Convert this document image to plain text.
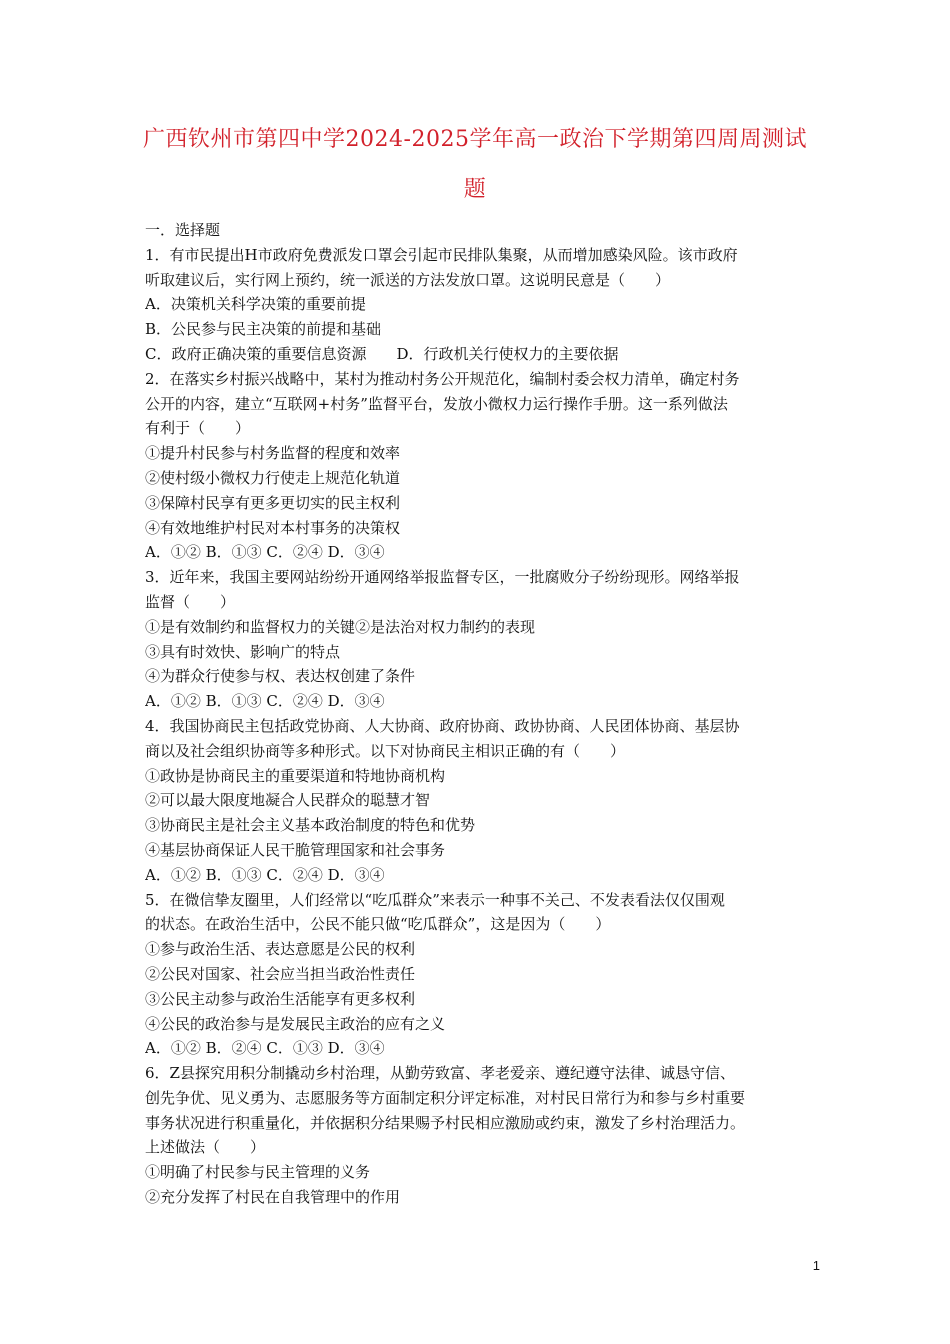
广西钦州市第四中学2024-2025学年高一政治下学期第四周周测试
题
一．选择题
1．有市民提出H市政府免费派发口罩会引起市民排队集聚，从而增加感染风险。该市政府
听取建议后，实行网上预约，统一派送的方法发放口罩。这说明民意是（　　）
A．决策机关科学决策的重要前提
B．公民参与民主决策的前提和基础
C．政府正确决策的重要信息资源　　D．行政机关行使权力的主要依据
2．在落实乡村振兴战略中，某村为推动村务公开规范化，编制村委会权力清单，确定村务
公开的内容，建立“互联网+村务”监督平台，发放小微权力运行操作手册。这一系列做法
有利于（　　）
①提升村民参与村务监督的程度和效率
②使村级小微权力行使走上规范化轨道
③保障村民享有更多更切实的民主权利
④有效地维护村民对本村事务的决策权
A．①② B．①③ C．②④ D．③④
3．近年来，我国主要网站纷纷开通网络举报监督专区，一批腐败分子纷纷现形。网络举报
监督（　　）
①是有效制约和监督权力的关键②是法治对权力制约的表现
③具有时效快、影响广的特点
④为群众行使参与权、表达权创建了条件
A．①② B．①③ C．②④ D．③④
4．我国协商民主包括政党协商、人大协商、政府协商、政协协商、人民团体协商、基层协
商以及社会组织协商等多种形式。以下对协商民主相识正确的有（　　）
①政协是协商民主的重要渠道和特地协商机构
②可以最大限度地凝合人民群众的聪慧才智
③协商民主是社会主义基本政治制度的特色和优势
④基层协商保证人民干脆管理国家和社会事务
A．①② B．①③ C．②④ D．③④
5．在微信挚友圈里，人们经常以“吃瓜群众”来表示一种事不关己、不发表看法仅仅围观
的状态。在政治生活中，公民不能只做“吃瓜群众”，这是因为（　　）
①参与政治生活、表达意愿是公民的权利
②公民对国家、社会应当担当政治性责任
③公民主动参与政治生活能享有更多权利
④公民的政治参与是发展民主政治的应有之义
A．①② B．②④ C．①③ D．③④
6．Z县探究用积分制撬动乡村治理，从勤劳致富、孝老爱亲、遵纪遵守法律、诚恳守信、
创先争优、见义勇为、志愿服务等方面制定积分评定标准，对村民日常行为和参与乡村重要
事务状况进行积重量化，并依据积分结果赐予村民相应激励或约束，激发了乡村治理活力。
上述做法（　　）
①明确了村民参与民主管理的义务
②充分发挥了村民在自我管理中的作用
1
